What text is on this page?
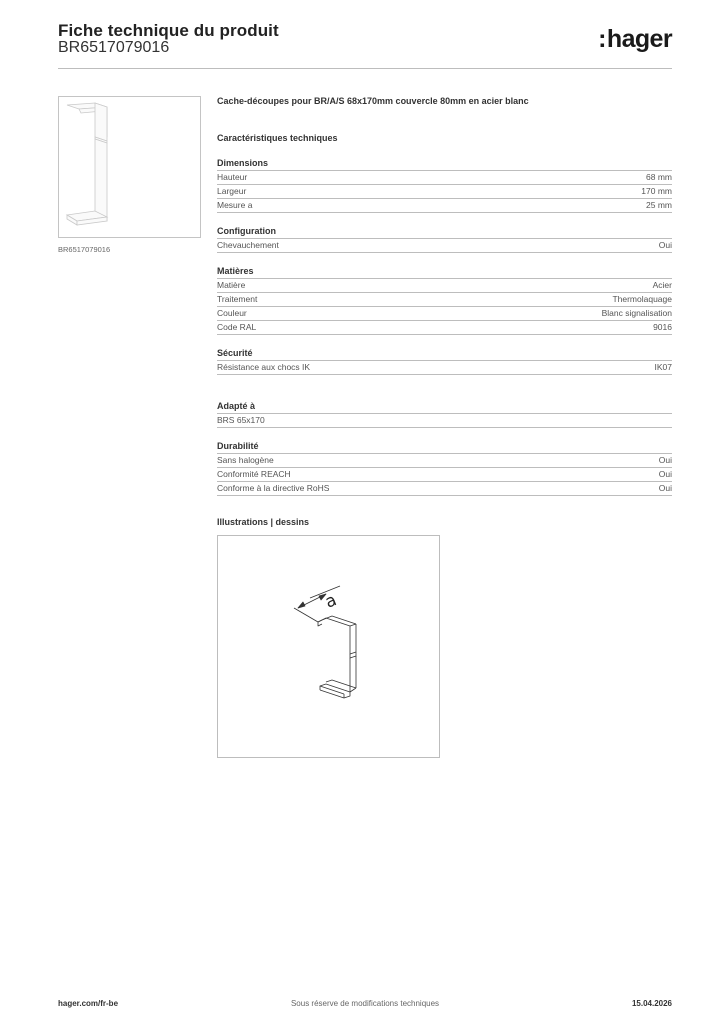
Fiche technique du produit
BR6517079016	:hager
BR6517079016
Cache-découpes pour BR/A/S 68x170mm couvercle 80mm en acier blanc
Caractéristiques techniques
Dimensions
Hauteur	68 mm
Largeur	170 mm
Mesure a	25 mm
Configuration
Chevauchement	Oui
Matières
Matière	Acier
Traitement	Thermolaquage
Couleur	Blanc signalisation
Code RAL	9016
Sécurité
Résistance aux chocs IK	IK07
Adapté à
BRS 65x170
Durabilité
Sans halogène	Oui
Conformité REACH	Oui
Conforme à la directive RoHS	Oui
Illustrations | dessins
a
hager.com/fr-be	Sous réserve de modifications techniques	15.04.2026
